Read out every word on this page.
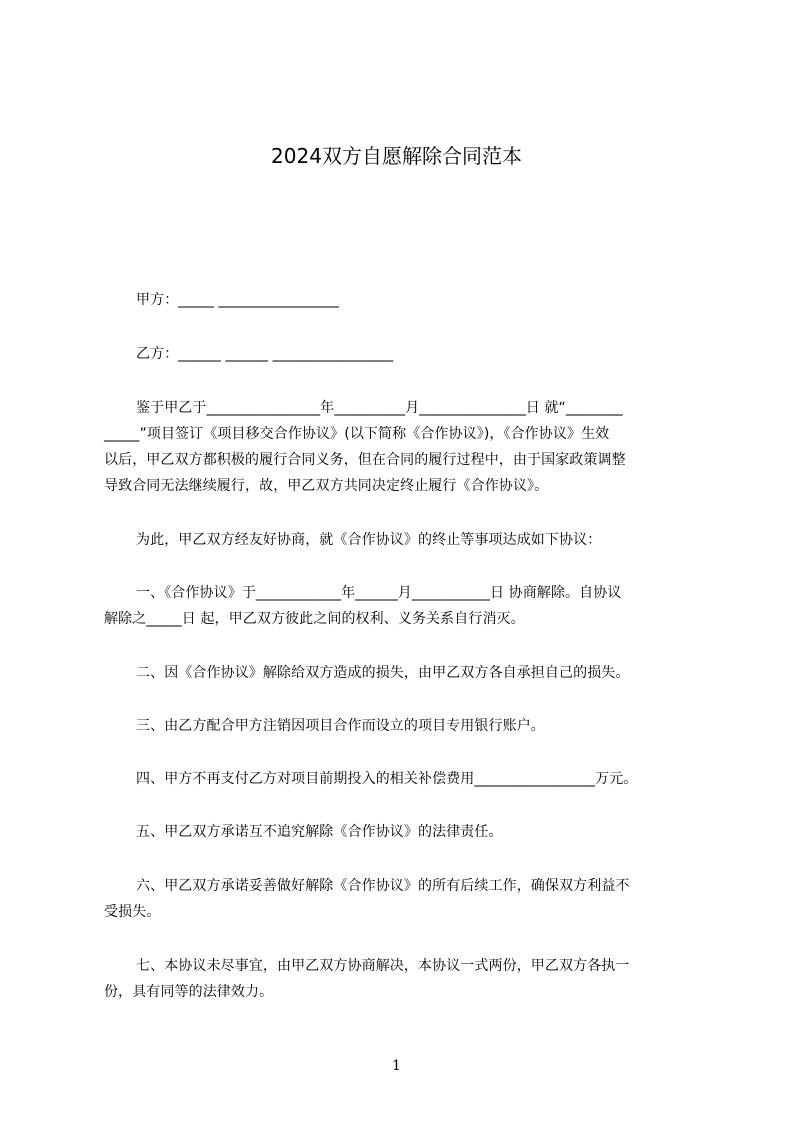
2024双方自愿解除合同范本
甲方：_____ _________________
乙方：______ ______ _________________
鉴于甲乙于________________年__________月_______________日 就“________
_____”项目签订《项目移交合作协议》(以下简称《合作协议》)，《合作协议》生效
以后，甲乙双方都积极的履行合同义务，但在合同的履行过程中，由于国家政策调整
导致合同无法继续履行，故，甲乙双方共同决定终止履行《合作协议》。
为此，甲乙双方经友好协商，就《合作协议》的终止等事项达成如下协议：
一、《合作协议》于____________年______月___________日 协商解除。自协议
解除之_____日 起，甲乙双方彼此之间的权利、义务关系自行消灭。
二、因《合作协议》解除给双方造成的损失，由甲乙双方各自承担自己的损失。
三、由乙方配合甲方注销因项目合作而设立的项目专用银行账户。
四、甲方不再支付乙方对项目前期投入的相关补偿费用_________________万元。
五、甲乙双方承诺互不追究解除《合作协议》的法律责任。
六、甲乙双方承诺妥善做好解除《合作协议》的所有后续工作，确保双方利益不
受损失。
七、本协议未尽事宜，由甲乙双方协商解决，本协议一式两份，甲乙双方各执一
份，具有同等的法律效力。
1
